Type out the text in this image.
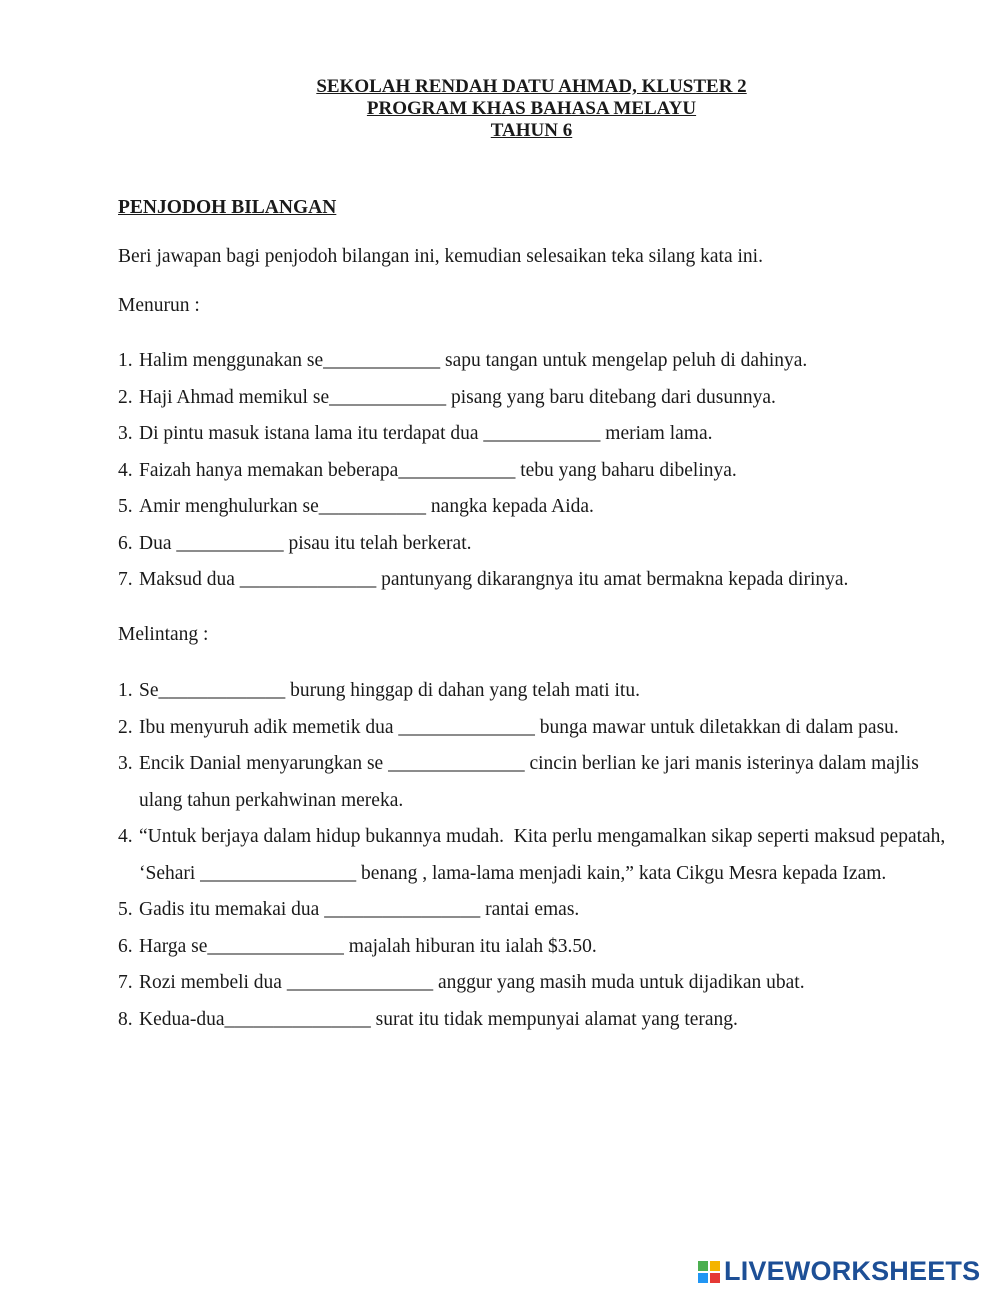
SEKOLAH RENDAH DATU AHMAD, KLUSTER 2
PROGRAM KHAS BAHASA MELAYU
TAHUN 6
PENJODOH BILANGAN
Beri jawapan bagi penjodoh bilangan ini, kemudian selesaikan teka silang kata ini.
Menurun :
1. Halim menggunakan se____________ sapu tangan untuk mengelap peluh di dahinya.
2. Haji Ahmad memikul se____________ pisang yang baru ditebang dari dusunnya.
3. Di pintu masuk istana lama itu terdapat dua ____________ meriam lama.
4. Faizah hanya memakan beberapa____________ tebu yang baharu dibelinya.
5. Amir menghulurkan se___________ nangka kepada Aida.
6. Dua ___________ pisau itu telah berkerat.
7. Maksud dua ______________ pantunyang dikarangnya itu amat bermakna kepada dirinya.
Melintang :
1. Se_____________ burung hinggap di dahan yang telah mati itu.
2. Ibu menyuruh adik memetik dua ______________ bunga mawar untuk diletakkan di dalam pasu.
3. Encik Danial menyarungkan se ______________ cincin berlian ke jari manis isterinya dalam majlis ulang tahun perkahwinan mereka.
4. “Untuk berjaya dalam hidup bukannya mudah.  Kita perlu mengamalkan sikap seperti maksud pepatah, ‘Sehari ________________ benang , lama-lama menjadi kain,” kata Cikgu Mesra kepada Izam.
5. Gadis itu memakai dua ________________ rantai emas.
6. Harga se______________ majalah hiburan itu ialah $3.50.
7. Rozi membeli dua _______________ anggur yang masih muda untuk dijadikan ubat.
8. Kedua-dua_______________ surat itu tidak mempunyai alamat yang terang.
LIVEWORKSHEETS
